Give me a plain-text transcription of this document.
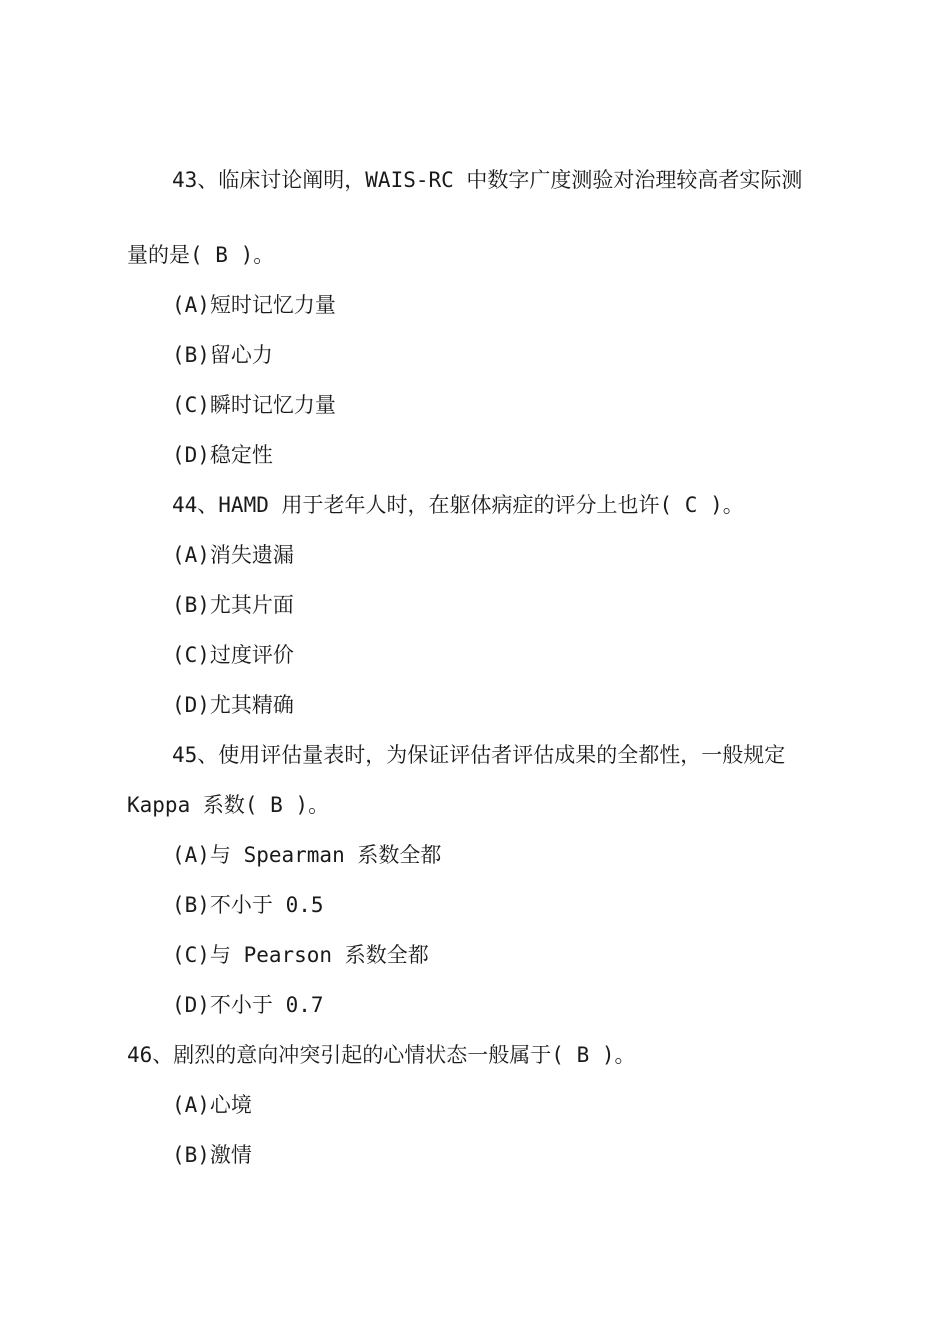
43、临床讨论阐明，WAIS-RC 中数字广度测验对治理较高者实际测
量的是( B )。
(A)短时记忆力量
(B)留心力
(C)瞬时记忆力量
(D)稳定性
44、HAMD 用于老年人时，在躯体病症的评分上也许( C )。
(A)消失遗漏
(B)尤其片面
(C)过度评价
(D)尤其精确
45、使用评估量表时，为保证评估者评估成果的全都性，一般规定
Kappa 系数( B )。
(A)与 Spearman 系数全都
(B)不小于 0.5
(C)与 Pearson 系数全都
(D)不小于 0.7
46、剧烈的意向冲突引起的心情状态一般属于( B )。
(A)心境
(B)激情
